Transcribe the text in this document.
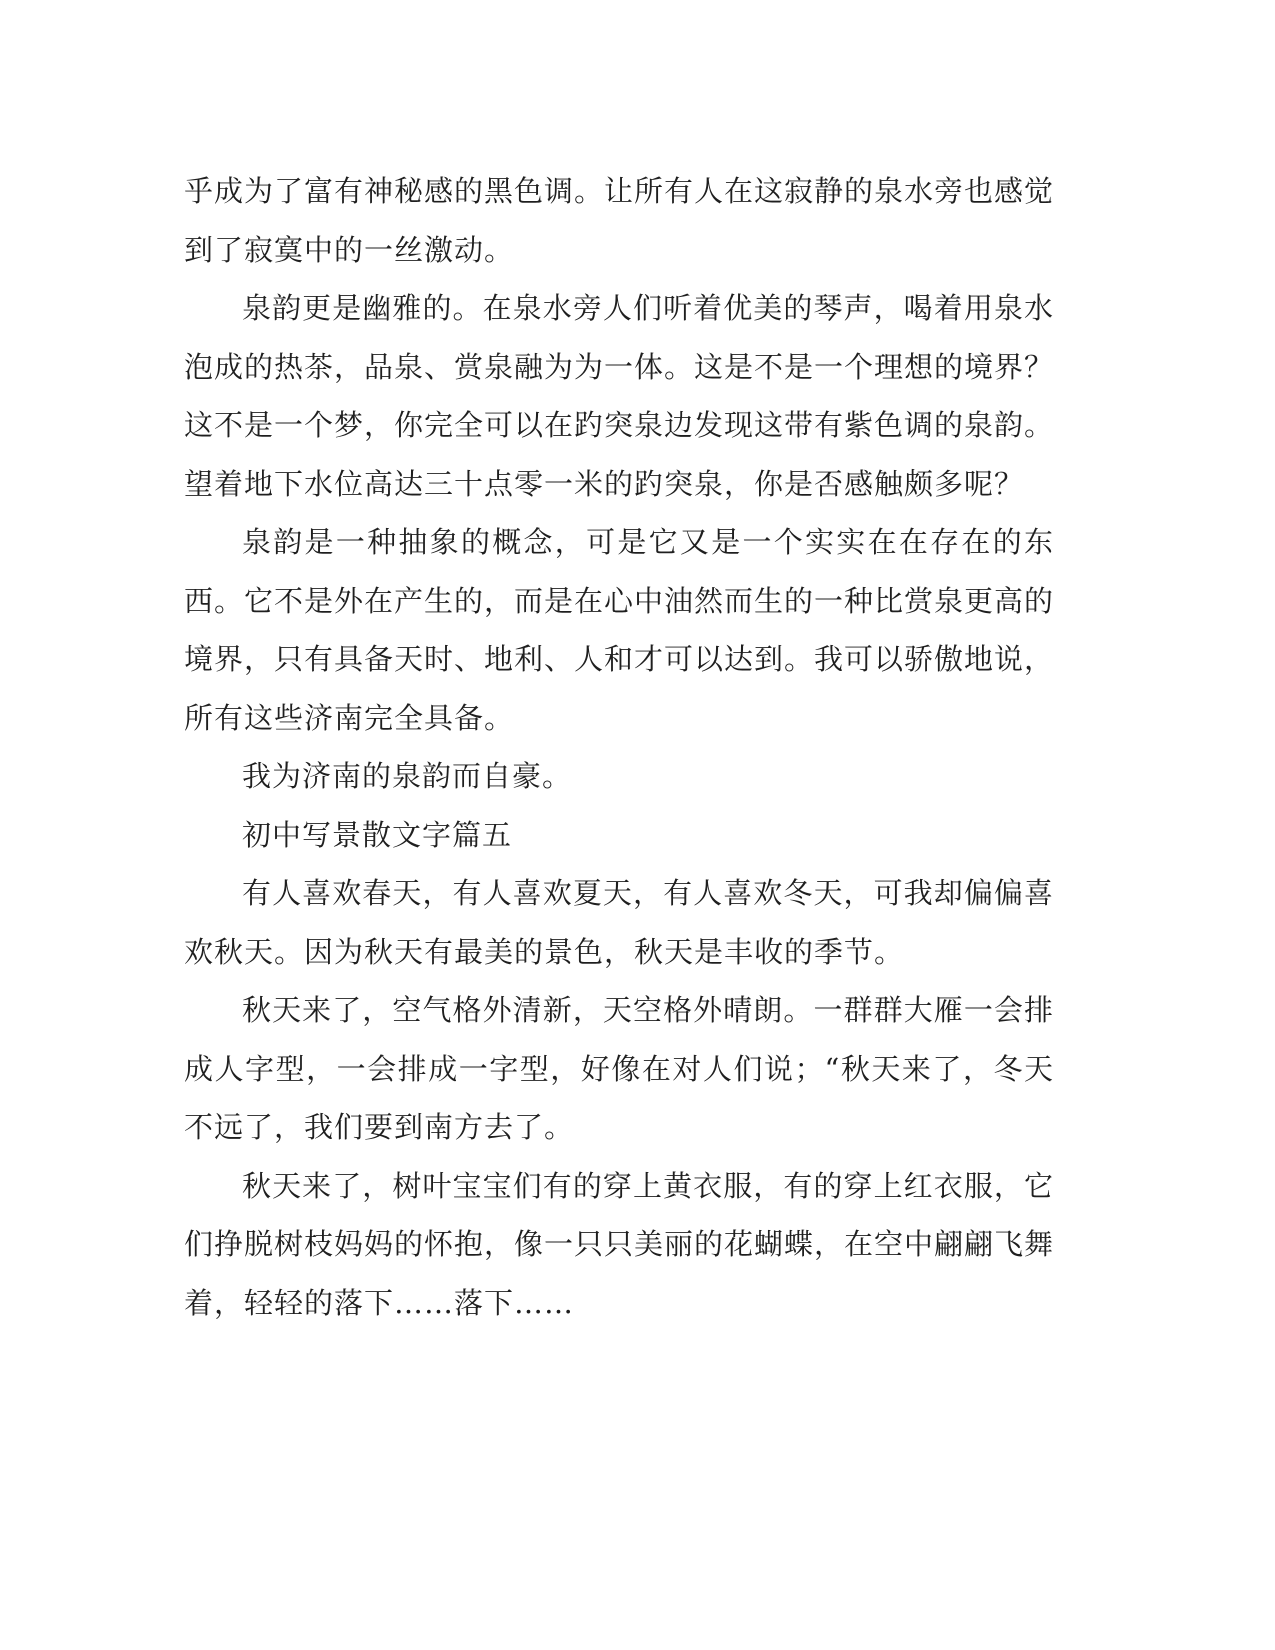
乎成为了富有神秘感的黑色调。让所有人在这寂静的泉水旁也感觉到了寂寞中的一丝激动。

泉韵更是幽雅的。在泉水旁人们听着优美的琴声，喝着用泉水泡成的热茶，品泉、赏泉融为为一体。这是不是一个理想的境界？这不是一个梦，你完全可以在趵突泉边发现这带有紫色调的泉韵。望着地下水位高达三十点零一米的趵突泉，你是否感触颇多呢？

泉韵是一种抽象的概念，可是它又是一个实实在在存在的东西。它不是外在产生的，而是在心中油然而生的一种比赏泉更高的境界，只有具备天时、地利、人和才可以达到。我可以骄傲地说，所有这些济南完全具备。

我为济南的泉韵而自豪。

初中写景散文字篇五

有人喜欢春天，有人喜欢夏天，有人喜欢冬天，可我却偏偏喜欢秋天。因为秋天有最美的景色，秋天是丰收的季节。

秋天来了，空气格外清新，天空格外晴朗。一群群大雁一会排成人字型，一会排成一字型，好像在对人们说；“秋天来了，冬天不远了，我们要到南方去了。

秋天来了，树叶宝宝们有的穿上黄衣服，有的穿上红衣服，它们挣脱树枝妈妈的怀抱，像一只只美丽的花蝴蝶，在空中翩翩飞舞着，轻轻的落下……落下……
